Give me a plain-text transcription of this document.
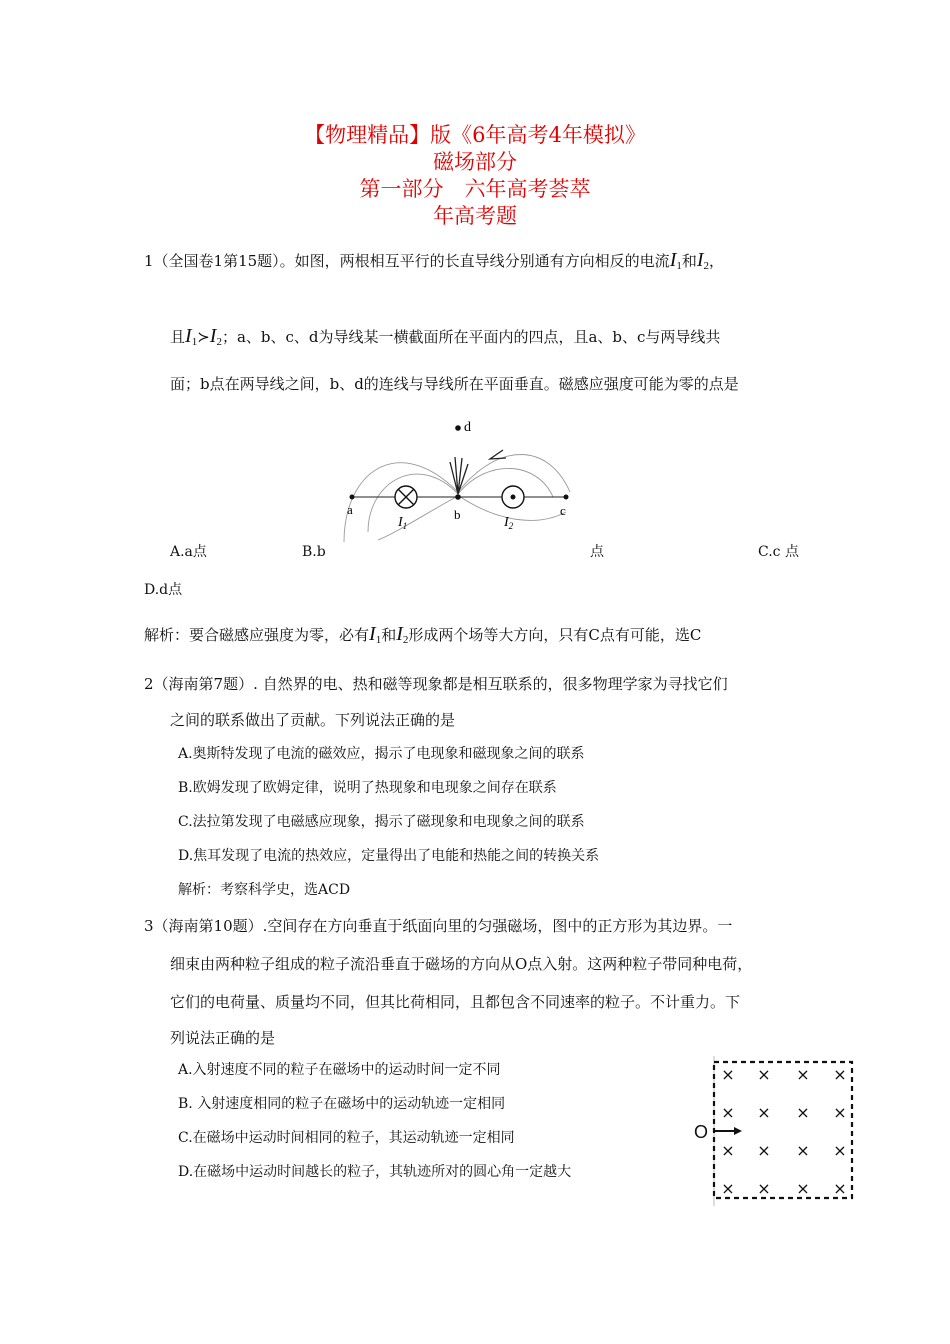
【物理精品】版《6年高考4年模拟》

磁场部分

第一部分　六年高考荟萃

年高考题

1（全国卷1第15题）。如图，两根相互平行的长直导线分别通有方向相反的电流$I_1$和$I_2$，

且$I_1≻I_2$；a、b、c、d为导线某一横截面所在平面内的四点，且a、b、c与两导线共

面；b点在两导线之间，b、d的连线与导线所在平面垂直。磁感应强度可能为零的点是

a	b	c
d
$I_1$	$I_2$
A.a点	B.b	点	C.c 点
D.d点

解析：要合磁感应强度为零，必有$I_1$和$I_2$形成两个场等大方向，只有C点有可能，选C

2（海南第7题）. 自然界的电、热和磁等现象都是相互联系的，很多物理学家为寻找它们

之间的联系做出了贡献。下列说法正确的是

A.奥斯特发现了电流的磁效应，揭示了电现象和磁现象之间的联系
B.欧姆发现了欧姆定律，说明了热现象和电现象之间存在联系
C.法拉第发现了电磁感应现象，揭示了磁现象和电现象之间的联系
D.焦耳发现了电流的热效应，定量得出了电能和热能之间的转换关系
解析：考察科学史，选ACD

3（海南第10题）.空间存在方向垂直于纸面向里的匀强磁场，图中的正方形为其边界。一

细束由两种粒子组成的粒子流沿垂直于磁场的方向从O点入射。这两种粒子带同种电荷，

它们的电荷量、质量均不同，但其比荷相同，且都包含不同速率的粒子。不计重力。下

列说法正确的是

A.入射速度不同的粒子在磁场中的运动时间一定不同
B. 入射速度相同的粒子在磁场中的运动轨迹一定相同
C.在磁场中运动时间相同的粒子，其运动轨迹一定相同
D.在磁场中运动时间越长的粒子，其轨迹所对的圆心角一定越大
× × × ×
× × × ×
× × × ×
× × × ×
O
